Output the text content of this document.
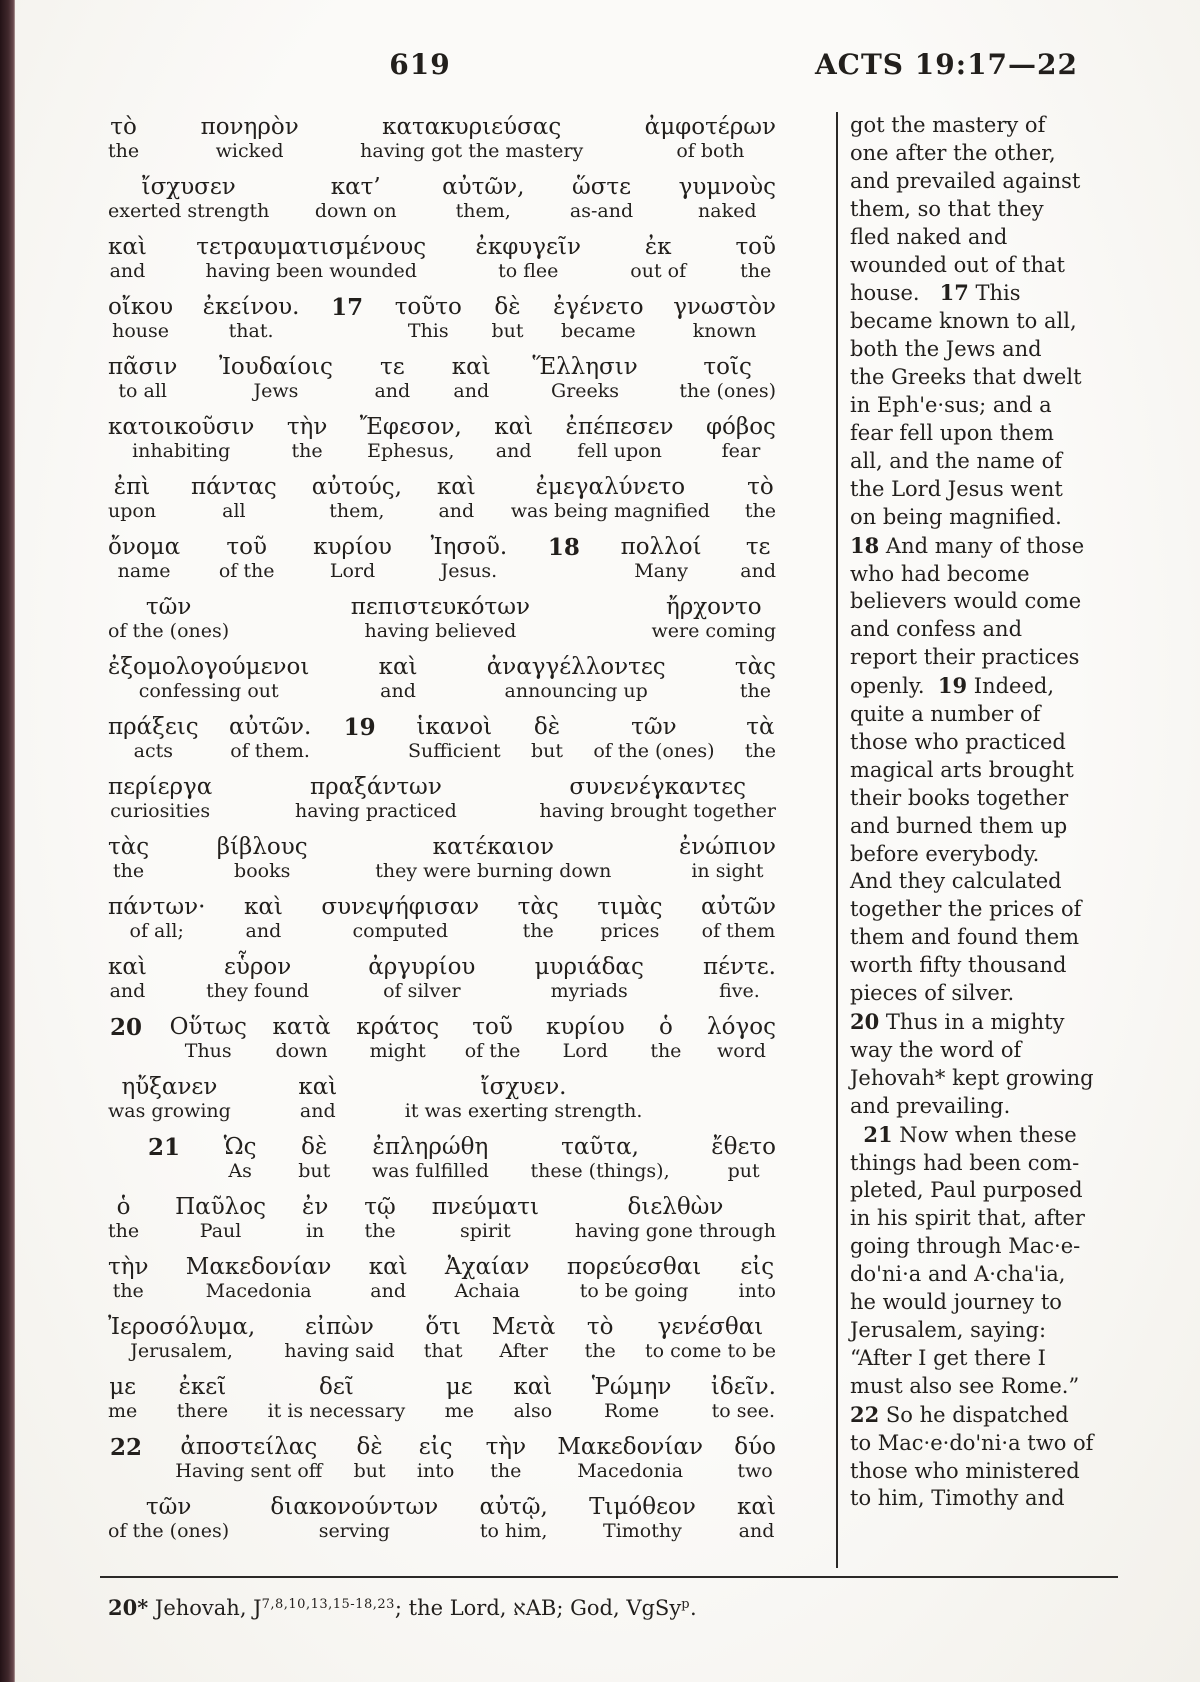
619	ACTS 19:17—22
τὸ
the
πονηρὸν
wicked
κατακυριεύσας
having got the mastery
ἀμφοτέρων
of both
ἴσχυσεν
exerted strength
κατ’
down on
αὐτῶν,
them,
ὥστε
as-and
γυμνοὺς
naked
καὶ
and
τετραυματισμένους
having been wounded
ἐκφυγεῖν
to flee
ἐκ
out of
τοῦ
the
οἴκου
house
ἐκείνου.
that.
17 τοῦτο
This
δὲ
but
ἐγένετο
became
γνωστὸν
known
πᾶσιν
to all
Ἰουδαίοις
Jews
τε
and
καὶ
and
Ἕλλησιν
Greeks
τοῖς
the (ones)
κατοικοῦσιν
inhabiting
τὴν
the
Ἔφεσον,
Ephesus,
καὶ
and
ἐπέπεσεν
fell upon
φόβος
fear
ἐπὶ
upon
πάντας
all
αὐτούς,
them,
καὶ
and
ἐμεγαλύνετο
was being magnified
τὸ
the
ὄνομα
name
τοῦ
of the
κυρίου
Lord
Ἰησοῦ.
Jesus.
18 πολλοί
Many
τε
and
τῶν
of the (ones)
πεπιστευκότων
having believed
ἤρχοντο
were coming
ἐξομολογούμενοι
confessing out
καὶ
and
ἀναγγέλλοντες
announcing up
τὰς
the
πράξεις
acts
αὐτῶν.
of them.
19	ἱκανοὶ
Sufficient
δὲ
but
τῶν
of the (ones)
τὰ
the
περίεργα
curiosities
πραξάντων
having practiced
συνενέγκαντες
having brought together
τὰς
the
βίβλους
books
κατέκαιον
they were burning down
ἐνώπιον
in sight
πάντων·
of all;
καὶ
and
συνεψήφισαν
computed
τὰς
the
τιμὰς
prices
αὐτῶν
of them
καὶ
and
εὗρον
they found
ἀργυρίου
of silver
μυριάδας
myriads
πέντε.
five.
20 Οὕτως
Thus
κατὰ
down
κράτος
might
τοῦ
of the
κυρίου
Lord
ὁ
the
λόγος
word
ηὔξανεν
was growing
καὶ
and
ἴσχυεν.
it was exerting strength.
21 Ὡς
As
δὲ
but
ἐπληρώθη
was fulfilled
ταῦτα,
these (things),
ἔθετο
put
ὁ
the
Παῦλος
Paul
ἐν
in
τῷ
the
πνεύματι
spirit
διελθὼν
having gone through
τὴν
the
Μακεδονίαν
Macedonia
καὶ
and
Ἀχαίαν
Achaia
πορεύεσθαι
to be going
εἰς
into
Ἰεροσόλυμα,
Jerusalem,
εἰπὼν
having said
ὅτι
that
Μετὰ
After
τὸ
the
γενέσθαι
to come to be
με
me
ἐκεῖ
there
δεῖ
it is necessary
με
me
καὶ
also
Ῥώμην
Rome
ἰδεῖν.
to see.
22 ἀποστείλας
Having sent off
δὲ
but
εἰς
into
τὴν
the
Μακεδονίαν
Macedonia
δύο
two
τῶν
of the (ones)
διακονούντων
serving
αὐτῷ,
to him,
Τιμόθεον
Timothy
καὶ
and
got the mastery of
one after the other,
and prevailed against
them, so that they
fled naked and
wounded out of that
house.   17 This
became known to all,
both the Jews and
the Greeks that dwelt
in Eph'e·sus; and a
fear fell upon them
all, and the name of
the Lord Jesus went
on being magnified.
18 And many of those
who had become
believers would come
and confess and
report their practices
openly.  19 Indeed,
quite a number of
those who practiced
magical arts brought
their books together
and burned them up
before everybody.
And they calculated
together the prices of
them and found them
worth fifty thousand
pieces of silver.
20 Thus in a mighty
way the word of
Jehovah* kept growing
and prevailing.
21 Now when these
things had been com-
pleted, Paul purposed
in his spirit that, after
going through Mac·e-
do'ni·a and A·cha'ia,
he would journey to
Jerusalem, saying:
“After I get there I
must also see Rome.”
22 So he dispatched
to Mac·e·do'ni·a two of
those who ministered
to him, Timothy and
20* Jehovah, J$^{7,8,10,13,15-18,23}$; the Lord, אAB; God, VgSy$^p$.
